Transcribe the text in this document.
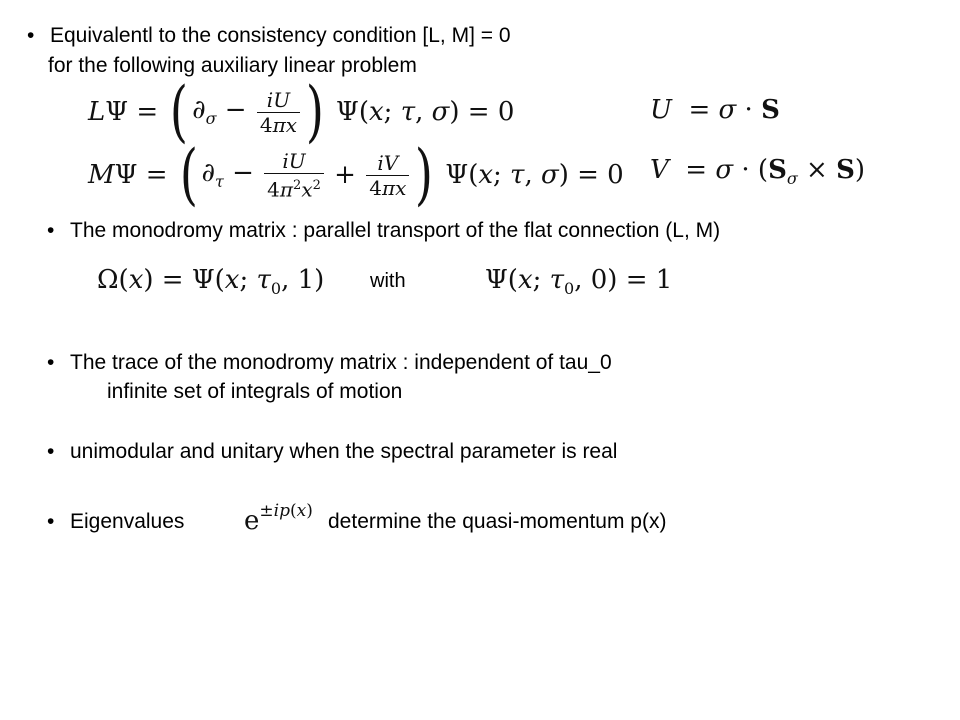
• Equivalentl to the consistency condition [L, M] = 0
for the following auxiliary linear problem
LΨ = ( $\partial_\sigma - \frac{iU}{4\pi x}$ ) Ψ(x; τ, σ) = 0	U  = σ · S
MΨ = ( $\partial_\tau - \frac{iU}{4\pi^2x^2} + \frac{iV}{4\pi x}$ ) Ψ(x; τ, σ) = 0 $V = \sigma \cdot (S_\sigma \times S)$
• The monodromy matrix : parallel transport of the flat connection (L, M)
Ω(x) = Ψ(x; $\tau_0$, 1) with	Ψ(x; $\tau_0$, 0) = 1
• The trace of the monodromy matrix : independent of tau_0
infinite set of integrals of motion
• unimodular and unitary when the spectral parameter is real
• Eigenvalues $e^{\pm ip(x)}$ determine the quasi-momentum p(x)
